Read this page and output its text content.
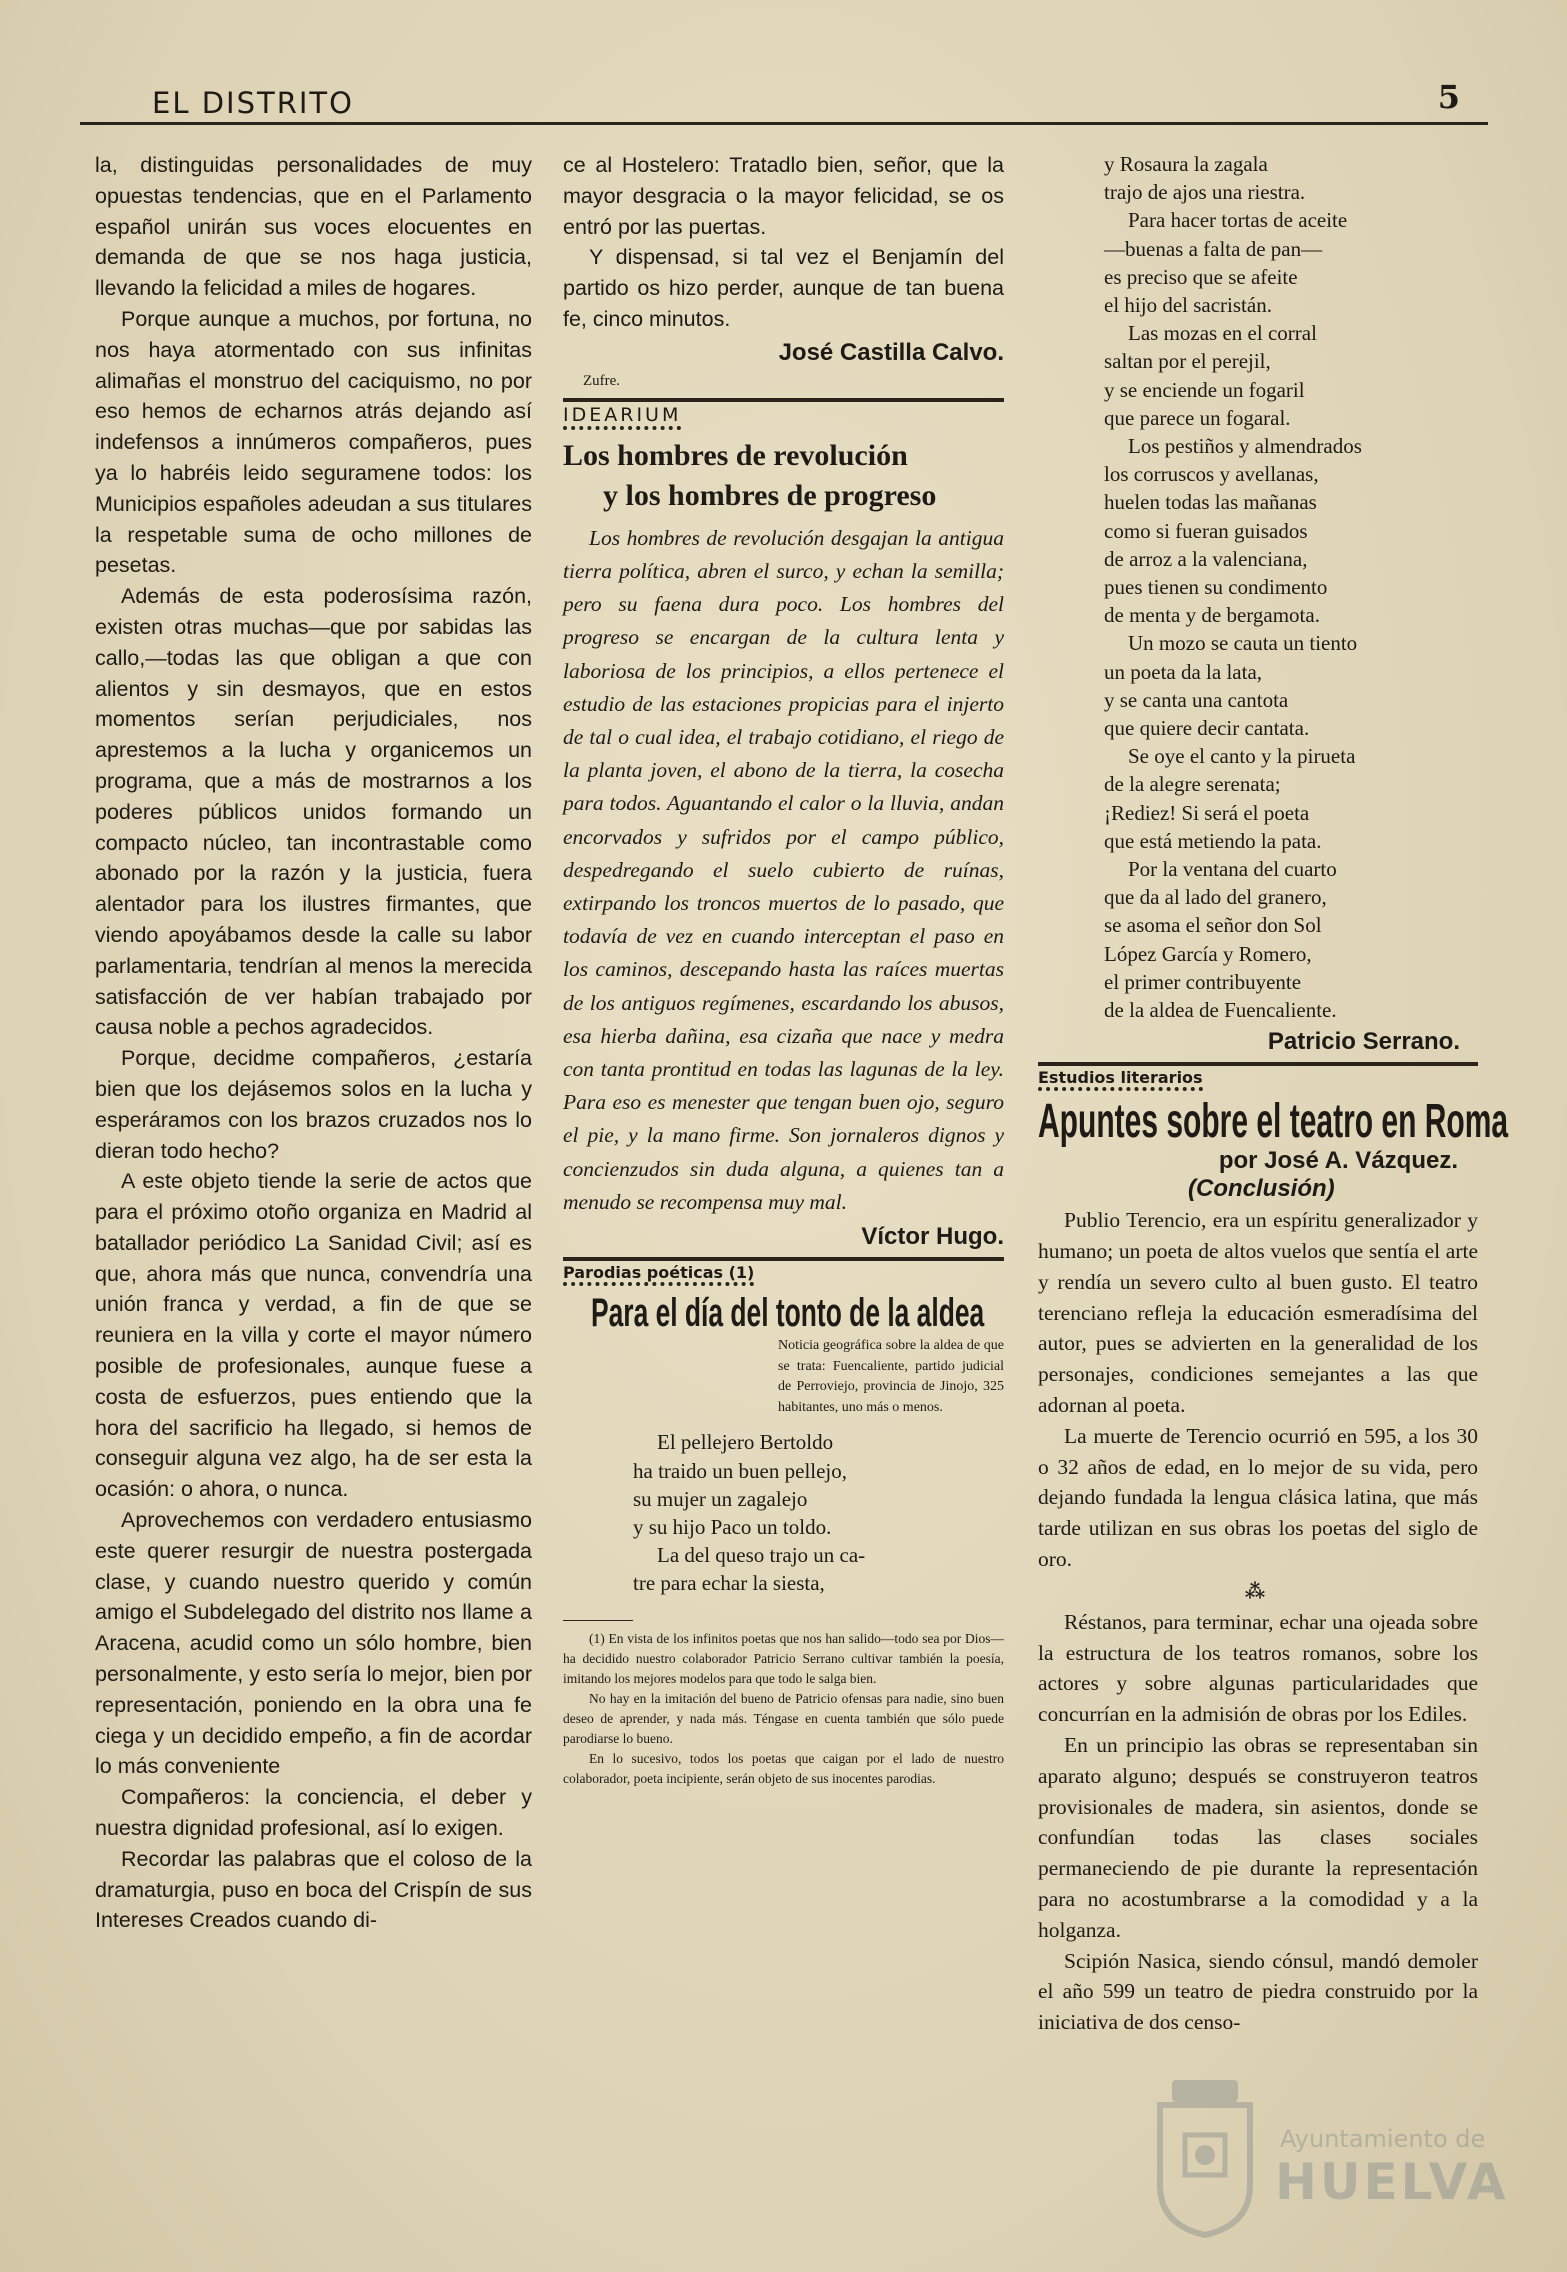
EL DISTRITO	5

la, distinguidas personalidades de muy opuestas tendencias, que en el Parlamento español unirán sus voces elocuentes en demanda de que se nos haga justicia, llevando la felicidad a miles de hogares.

Porque aunque a muchos, por fortuna, no nos haya atormentado con sus infinitas alimañas el monstruo del caciquismo, no por eso hemos de echarnos atrás dejando así indefensos a innúmeros compañeros, pues ya lo habréis leido seguramene todos: los Municipios españoles adeudan a sus titulares la respetable suma de ocho millones de pesetas.

Además de esta poderosísima razón, existen otras muchas—que por sabidas las callo,—todas las que obligan a que con alientos y sin desmayos, que en estos momentos serían perjudiciales, nos aprestemos a la lucha y organicemos un programa, que a más de mostrarnos a los poderes públicos unidos formando un compacto núcleo, tan incontrastable como abonado por la razón y la justicia, fuera alentador para los ilustres firmantes, que viendo apoyábamos desde la calle su labor parlamentaria, tendrían al menos la merecida satisfacción de ver habían trabajado por causa noble a pechos agradecidos.

Porque, decidme compañeros, ¿estaría bien que los dejásemos solos en la lucha y esperáramos con los brazos cruzados nos lo dieran todo hecho?

A este objeto tiende la serie de actos que para el próximo otoño organiza en Madrid al batallador periódico La Sanidad Civil; así es que, ahora más que nunca, convendría una unión franca y verdad, a fin de que se reuniera en la villa y corte el mayor número posible de profesionales, aunque fuese a costa de esfuerzos, pues entiendo que la hora del sacrificio ha llegado, si hemos de conseguir alguna vez algo, ha de ser esta la ocasión: o ahora, o nunca.

Aprovechemos con verdadero entusiasmo este querer resurgir de nuestra postergada clase, y cuando nuestro querido y común amigo el Subdelegado del distrito nos llame a Aracena, acudid como un sólo hombre, bien personalmente, y esto sería lo mejor, bien por representación, poniendo en la obra una fe ciega y un decidido empeño, a fin de acordar lo más conveniente

Compañeros: la conciencia, el deber y nuestra dignidad profesional, así lo exigen.

Recordar las palabras que el coloso de la dramaturgia, puso en boca del Crispín de sus Intereses Creados cuando di-

ce al Hostelero: Tratadlo bien, señor, que la mayor desgracia o la mayor felicidad, se os entró por las puertas.

Y dispensad, si tal vez el Benjamín del partido os hizo perder, aunque de tan buena fe, cinco minutos.

José Castilla Calvo.
Zufre.
IDEARIUM
Los hombres de revolución
y los hombres de progreso

Los hombres de revolución desgajan la antigua tierra política, abren el surco, y echan la semilla; pero su faena dura poco. Los hombres del progreso se encargan de la cultura lenta y laboriosa de los principios, a ellos pertenece el estudio de las estaciones propicias para el injerto de tal o cual idea, el trabajo cotidiano, el riego de la planta joven, el abono de la tierra, la cosecha para todos. Aguantando el calor o la lluvia, andan encorvados y sufridos por el campo público, despedregando el suelo cubierto de ruínas, extirpando los troncos muertos de lo pasado, que todavía de vez en cuando interceptan el paso en los caminos, descepando hasta las raíces muertas de los antiguos regímenes, escardando los abusos, esa hierba dañina, esa cizaña que nace y medra con tanta prontitud en todas las lagunas de la ley. Para eso es menester que tengan buen ojo, seguro el pie, y la mano firme. Son jornaleros dignos y concienzudos sin duda alguna, a quienes tan a menudo se recompensa muy mal.

Víctor Hugo.
Parodias poéticas (1)
Para el día del tonto de la aldea
Noticia geográfica sobre la aldea de que se trata: Fuencaliente, partido judicial de Perroviejo, provincia de Jinojo, 325 habitantes, uno más o menos.
El pellejero Bertoldo
ha traido un buen pellejo,
su mujer un zagalejo
y su hijo Paco un toldo.
La del queso trajo un ca-
tre para echar la siesta,

(1) En vista de los infinitos poetas que nos han salido—todo sea por Dios—ha decidido nuestro colaborador Patricio Serrano cultivar también la poesía, imitando los mejores modelos para que todo le salga bien.

No hay en la imitación del bueno de Patricio ofensas para nadie, sino buen deseo de aprender, y nada más. Téngase en cuenta también que sólo puede parodiarse lo bueno.

En lo sucesivo, todos los poetas que caigan por el lado de nuestro colaborador, poeta incipiente, serán objeto de sus inocentes parodias.

y Rosaura la zagala
trajo de ajos una riestra.
Para hacer tortas de aceite
—buenas a falta de pan—
es preciso que se afeite
el hijo del sacristán.
Las mozas en el corral
saltan por el perejil,
y se enciende un fogaril
que parece un fogaral.
Los pestiños y almendrados
los corruscos y avellanas,
huelen todas las mañanas
como si fueran guisados
de arroz a la valenciana,
pues tienen su condimento
de menta y de bergamota.
Un mozo se cauta un tiento
un poeta da la lata,
y se canta una cantota
que quiere decir cantata.
Se oye el canto y la pirueta
de la alegre serenata;
¡Rediez! Si será el poeta
que está metiendo la pata.
Por la ventana del cuarto
que da al lado del granero,
se asoma el señor don Sol
López García y Romero,
el primer contribuyente
de la aldea de Fuencaliente.
Patricio Serrano.
Estudios literarios
Apuntes sobre el teatro en Roma
por José A. Vázquez.
(Conclusión)

Publio Terencio, era un espíritu generalizador y humano; un poeta de altos vuelos que sentía el arte y rendía un severo culto al buen gusto. El teatro terenciano refleja la educación esmeradísima del autor, pues se advierten en la generalidad de los personajes, condiciones semejantes a las que adornan al poeta.

La muerte de Terencio ocurrió en 595, a los 30 o 32 años de edad, en lo mejor de su vida, pero dejando fundada la lengua clásica latina, que más tarde utilizan en sus obras los poetas del siglo de oro.

⁂

Réstanos, para terminar, echar una ojeada sobre la estructura de los teatros romanos, sobre los actores y sobre algunas particularidades que concurrían en la admisión de obras por los Ediles.

En un principio las obras se representaban sin aparato alguno; después se construyeron teatros provisionales de madera, sin asientos, donde se confundían todas las clases sociales permaneciendo de pie durante la representación para no acostumbrarse a la comodidad y a la holganza.

Scipión Nasica, siendo cónsul, mandó demoler el año 599 un teatro de piedra construido por la iniciativa de dos censo-

Ayuntamiento de
HUELVA
